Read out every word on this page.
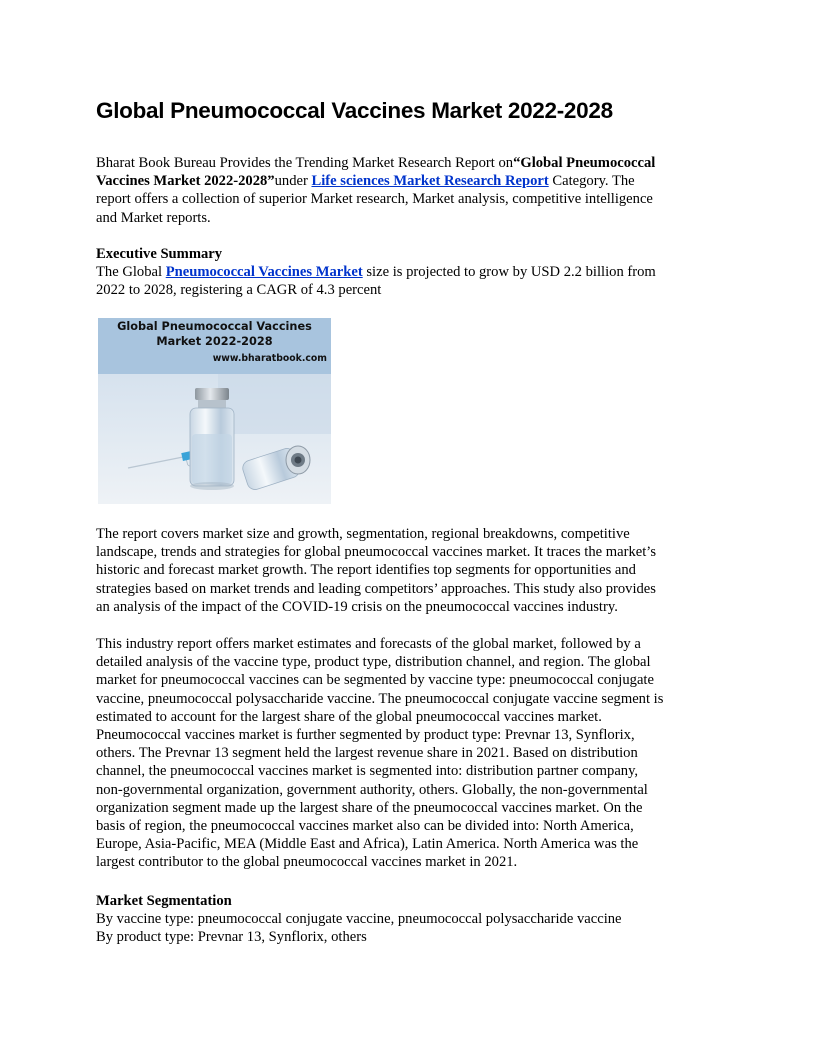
Global Pneumococcal Vaccines Market 2022-2028
Bharat Book Bureau Provides the Trending Market Research Report on“Global Pneumococcal
Vaccines Market 2022-2028”under Life sciences Market Research Report Category. The
report offers a collection of superior Market research, Market analysis, competitive intelligence
and Market reports.
Executive Summary
The Global Pneumococcal Vaccines Market size is projected to grow by USD 2.2 billion from
2022 to 2028, registering a CAGR of 4.3 percent
Global Pneumococcal Vaccines
Market 2022-2028
www.bharatbook.com
The report covers market size and growth, segmentation, regional breakdowns, competitive
landscape, trends and strategies for global pneumococcal vaccines market. It traces the market’s
historic and forecast market growth. The report identifies top segments for opportunities and
strategies based on market trends and leading competitors’ approaches. This study also provides
an analysis of the impact of the COVID-19 crisis on the pneumococcal vaccines industry.
This industry report offers market estimates and forecasts of the global market, followed by a
detailed analysis of the vaccine type, product type, distribution channel, and region. The global
market for pneumococcal vaccines can be segmented by vaccine type: pneumococcal conjugate
vaccine, pneumococcal polysaccharide vaccine. The pneumococcal conjugate vaccine segment is
estimated to account for the largest share of the global pneumococcal vaccines market.
Pneumococcal vaccines market is further segmented by product type: Prevnar 13, Synflorix,
others. The Prevnar 13 segment held the largest revenue share in 2021. Based on distribution
channel, the pneumococcal vaccines market is segmented into: distribution partner company,
non-governmental organization, government authority, others. Globally, the non-governmental
organization segment made up the largest share of the pneumococcal vaccines market. On the
basis of region, the pneumococcal vaccines market also can be divided into: North America,
Europe, Asia-Pacific, MEA (Middle East and Africa), Latin America. North America was the
largest contributor to the global pneumococcal vaccines market in 2021.
Market Segmentation
By vaccine type: pneumococcal conjugate vaccine, pneumococcal polysaccharide vaccine
By product type: Prevnar 13, Synflorix, others
